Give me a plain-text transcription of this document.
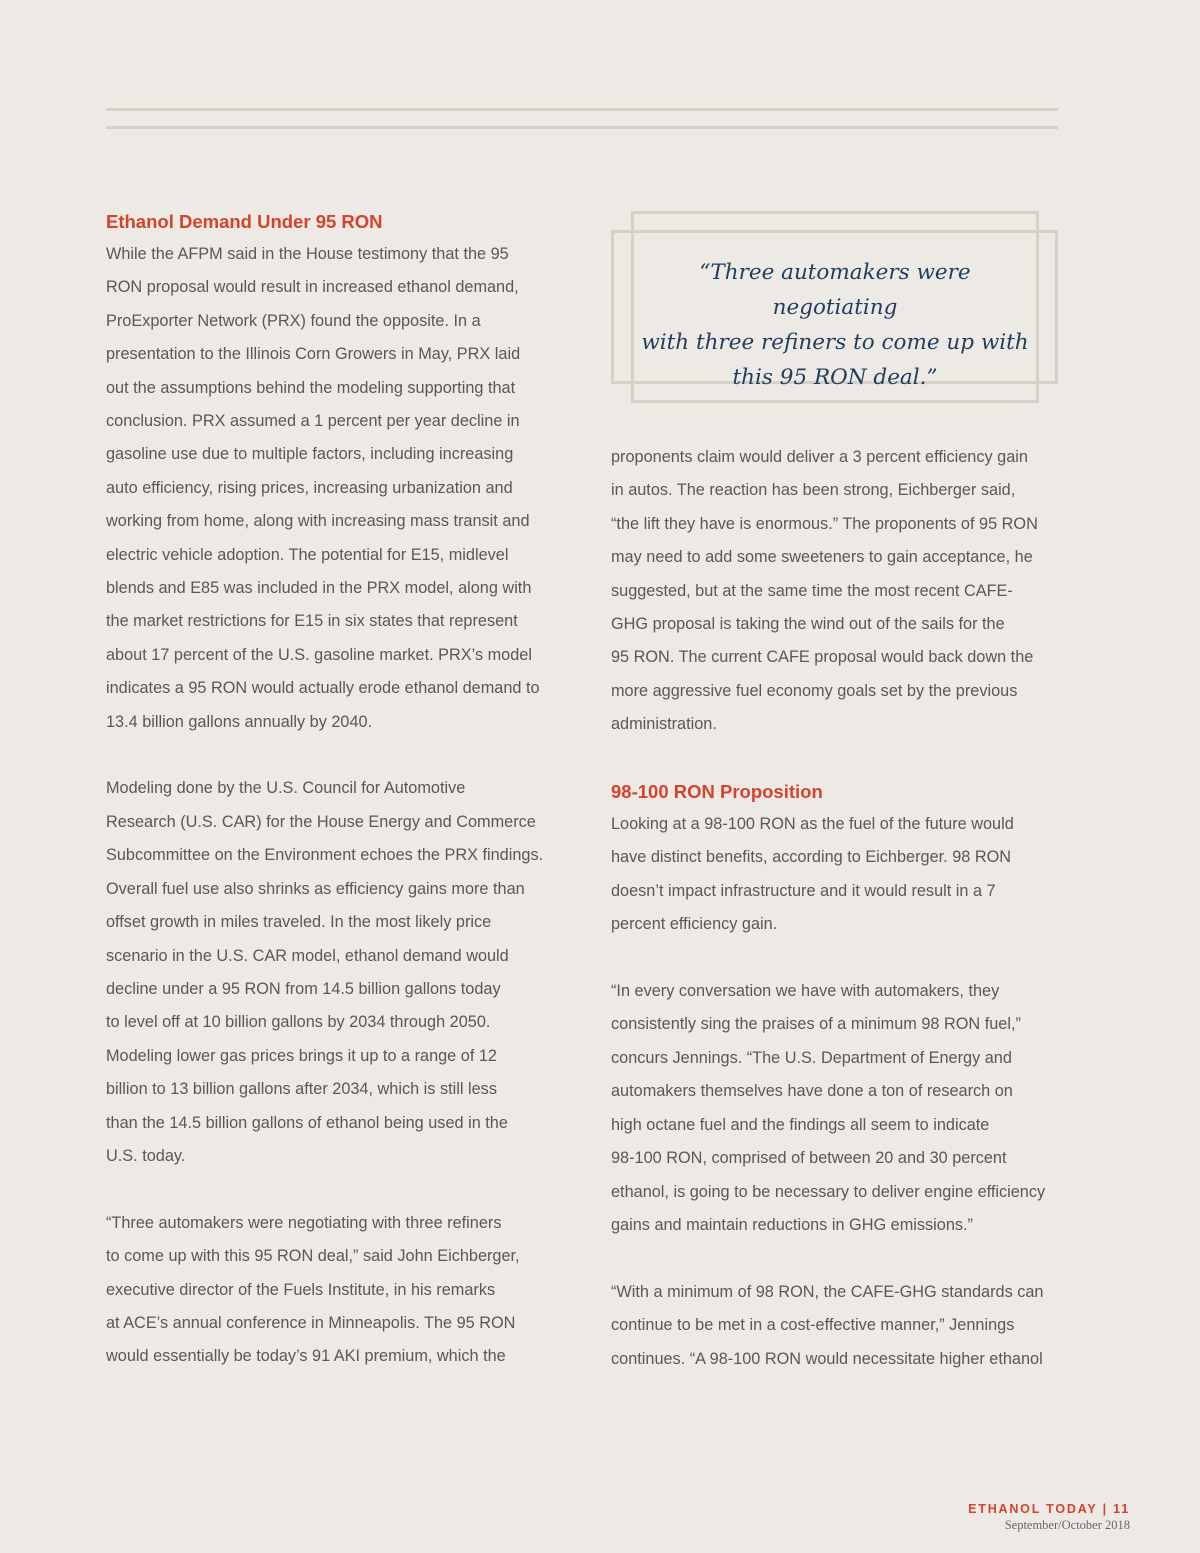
Ethanol Demand Under 95 RON

While the AFPM said in the House testimony that the 95
RON proposal would result in increased ethanol demand,
ProExporter Network (PRX) found the opposite. In a
presentation to the Illinois Corn Growers in May, PRX laid
out the assumptions behind the modeling supporting that
conclusion. PRX assumed a 1 percent per year decline in
gasoline use due to multiple factors, including increasing
auto efficiency, rising prices, increasing urbanization and
working from home, along with increasing mass transit and
electric vehicle adoption. The potential for E15, midlevel
blends and E85 was included in the PRX model, along with
the market restrictions for E15 in six states that represent
about 17 percent of the U.S. gasoline market. PRX’s model
indicates a 95 RON would actually erode ethanol demand to
13.4 billion gallons annually by 2040.

Modeling done by the U.S. Council for Automotive
Research (U.S. CAR) for the House Energy and Commerce
Subcommittee on the Environment echoes the PRX findings.
Overall fuel use also shrinks as efficiency gains more than
offset growth in miles traveled. In the most likely price
scenario in the U.S. CAR model, ethanol demand would
decline under a 95 RON from 14.5 billion gallons today
to level off at 10 billion gallons by 2034 through 2050.
Modeling lower gas prices brings it up to a range of 12
billion to 13 billion gallons after 2034, which is still less
than the 14.5 billion gallons of ethanol being used in the
U.S. today.

“Three automakers were negotiating with three refiners
to come up with this 95 RON deal,” said John Eichberger,
executive director of the Fuels Institute, in his remarks
at ACE’s annual conference in Minneapolis. The 95 RON
would essentially be today’s 91 AKI premium, which the

“Three automakers were negotiating
with three refiners to come up with
this 95 RON deal.”

proponents claim would deliver a 3 percent efficiency gain
in autos. The reaction has been strong, Eichberger said,
“the lift they have is enormous.” The proponents of 95 RON
may need to add some sweeteners to gain acceptance, he
suggested, but at the same time the most recent CAFE-
GHG proposal is taking the wind out of the sails for the
95 RON. The current CAFE proposal would back down the
more aggressive fuel economy goals set by the previous
administration.

98-100 RON Proposition

Looking at a 98-100 RON as the fuel of the future would
have distinct benefits, according to Eichberger. 98 RON
doesn’t impact infrastructure and it would result in a 7
percent efficiency gain.

“In every conversation we have with automakers, they
consistently sing the praises of a minimum 98 RON fuel,”
concurs Jennings. “The U.S. Department of Energy and
automakers themselves have done a ton of research on
high octane fuel and the findings all seem to indicate
98-100 RON, comprised of between 20 and 30 percent
ethanol, is going to be necessary to deliver engine efficiency
gains and maintain reductions in GHG emissions.”

“With a minimum of 98 RON, the CAFE-GHG standards can
continue to be met in a cost-effective manner,” Jennings
continues. “A 98-100 RON would necessitate higher ethanol

ETHANOL TODAY | 11
September/October 2018
